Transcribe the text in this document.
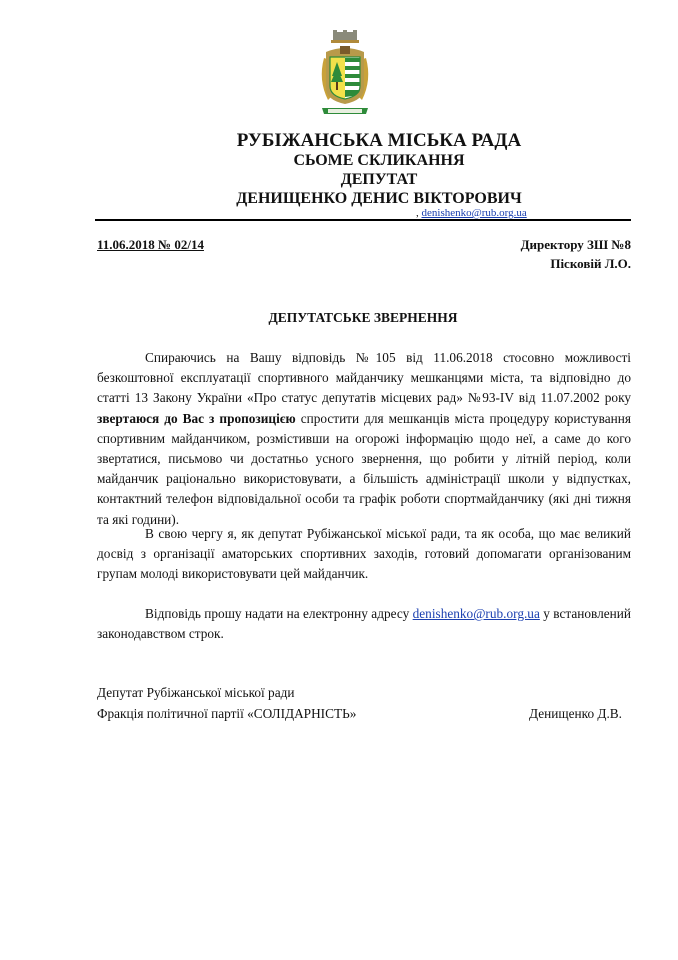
РУБІЖАНСЬКА МІСЬКА РАДА
СЬОМЕ СКЛИКАННЯ
ДЕПУТАТ
ДЕНИЩЕНКО ДЕНИС ВІКТОРОВИЧ
, denishenko@rub.org.ua
11.06.2018 № 02/14	Директору ЗШ №8
Пісковій Л.О.
ДЕПУТАТСЬКЕ ЗВЕРНЕННЯ

Спираючись на Вашу відповідь №105 від 11.06.2018 стосовно можливості безкоштовної експлуатації спортивного майданчику мешканцями міста, та відповідно до статті 13 Закону України «Про статус депутатів місцевих рад» №93-IV від 11.07.2002 року звертаюся до Вас з пропозицією спростити для мешканців міста процедуру користування спортивним майданчиком, розмістивши на огорожі інформацію щодо неї, а саме до кого звертатися, письмово чи достатньо усного звернення, що робити у літній період, коли майданчик раціонально використовувати, а більшість адміністрації школи у відпустках, контактний телефон відповідальної особи та графік роботи спортмайданчику (які дні тижня та які години).

В свою чергу я, як депутат Рубіжанської міської ради, та як особа, що має великий досвід з організації аматорських спортивних заходів, готовий допомагати організованим групам молоді використовувати цей майданчик.

Відповідь прошу надати на електронну адресу denishenko@rub.org.ua у встановлений законодавством строк.

Депутат Рубіжанської міської ради
Фракція політичної партії «СОЛІДАРНІСТЬ»	Денищенко Д.В.
